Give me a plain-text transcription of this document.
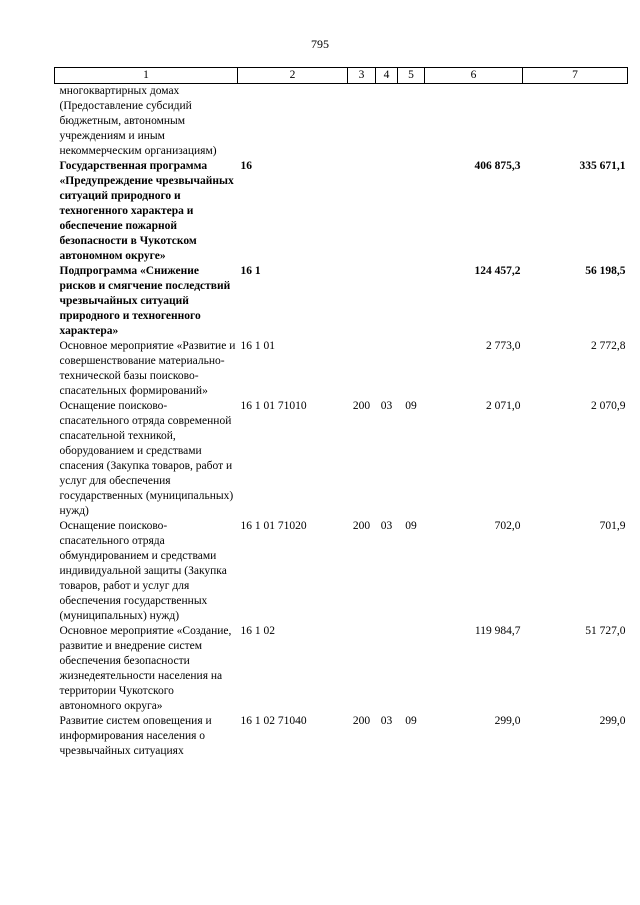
795
1	2	3	4	5	6	7
многоквартирных домах (Предоставление субсидий бюджетным, автономным учреждениям и иным некоммерческим организациям)						
Государственная программа «Предупреждение чрезвычайных ситуаций природного и техногенного характера и обеспечение пожарной безопасности в Чукотском автономном округе»	16				406 875,3	335 671,1
Подпрограмма «Снижение рисков и смягчение последствий чрезвычайных ситуаций природного и техногенного характера»	16 1				124 457,2	56 198,5
Основное мероприятие «Развитие и совершенствование материально-технической базы поисково-спасательных формирований»	16 1 01				2 773,0	2 772,8
Оснащение поисково-спасательного отряда современной спасательной техникой, оборудованием и средствами спасения (Закупка товаров, работ и услуг для обеспечения государственных (муниципальных) нужд)	16 1 01 71010	200	03	09	2 071,0	2 070,9
Оснащение поисково-спасательного отряда обмундированием и средствами индивидуальной защиты (Закупка товаров, работ и услуг для обеспечения государственных (муниципальных) нужд)	16 1 01 71020	200	03	09	702,0	701,9
Основное мероприятие «Создание, развитие и внедрение систем обеспечения безопасности жизнедеятельности населения на территории Чукотского автономного округа»	16 1 02				119 984,7	51 727,0
Развитие систем оповещения и информирования населения о чрезвычайных ситуациях	16 1 02 71040	200	03	09	299,0	299,0
